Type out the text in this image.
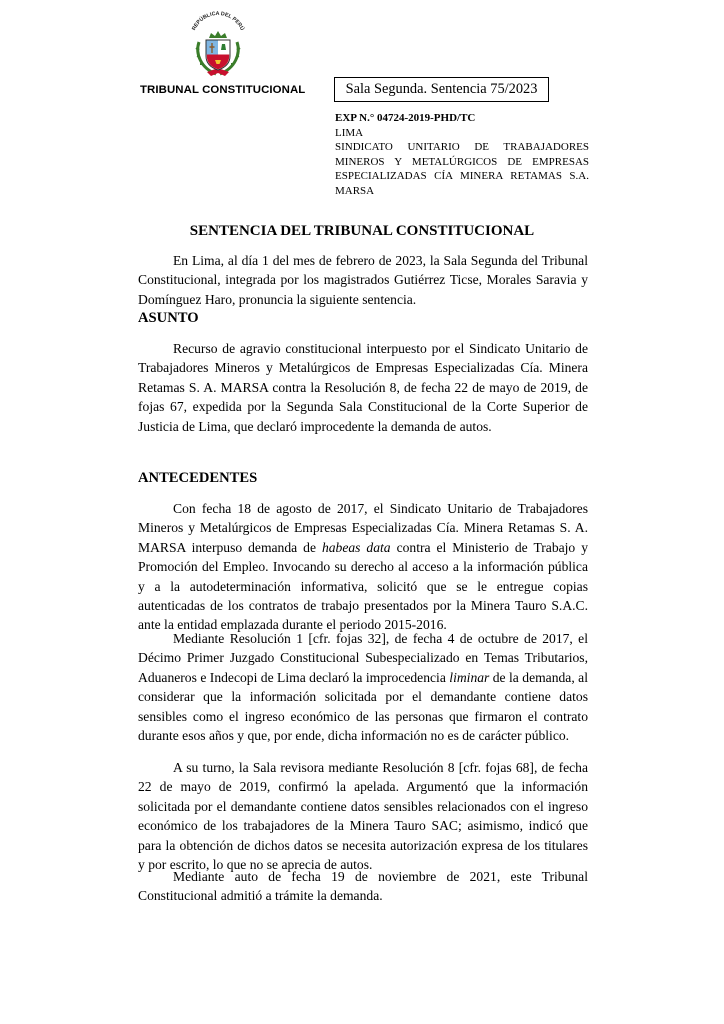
REPÚBLICA DEL PERÚ
TRIBUNAL CONSTITUCIONAL	Sala Segunda. Sentencia 75/2023

EXP N.° 04724-2019-PHD/TC

LIMA

SINDICATO UNITARIO DE TRABAJADORES MINEROS Y METALÚRGICOS DE EMPRESAS ESPECIALIZADAS CÍA MINERA RETAMAS S.A. MARSA

SENTENCIA DEL TRIBUNAL CONSTITUCIONAL

En Lima, al día 1 del mes de febrero de 2023, la Sala Segunda del Tribunal Constitucional, integrada por los magistrados Gutiérrez Ticse, Morales Saravia y Domínguez Haro, pronuncia la siguiente sentencia.

ASUNTO

Recurso de agravio constitucional interpuesto por el Sindicato Unitario de Trabajadores Mineros y Metalúrgicos de Empresas Especializadas Cía. Minera Retamas S. A. MARSA contra la Resolución 8, de fecha 22 de mayo de 2019, de fojas 67, expedida por la Segunda Sala Constitucional de la Corte Superior de Justicia de Lima, que declaró improcedente la demanda de autos.

ANTECEDENTES

Con fecha 18 de agosto de 2017, el Sindicato Unitario de Trabajadores Mineros y Metalúrgicos de Empresas Especializadas Cía. Minera Retamas S. A. MARSA interpuso demanda de habeas data contra el Ministerio de Trabajo y Promoción del Empleo. Invocando su derecho al acceso a la información pública y a la autodeterminación informativa, solicitó que se le entregue copias autenticadas de los contratos de trabajo presentados por la Minera Tauro S.A.C. ante la entidad emplazada durante el periodo 2015-2016.

Mediante Resolución 1 [cfr. fojas 32], de fecha 4 de octubre de 2017, el Décimo Primer Juzgado Constitucional Subespecializado en Temas Tributarios, Aduaneros e Indecopi de Lima declaró la improcedencia liminar de la demanda, al considerar que la información solicitada por el demandante contiene datos sensibles como el ingreso económico de las personas que firmaron el contrato durante esos años y que, por ende, dicha información no es de carácter público.

A su turno, la Sala revisora mediante Resolución 8 [cfr. fojas 68], de fecha 22 de mayo de 2019, confirmó la apelada. Argumentó que la información solicitada por el demandante contiene datos sensibles relacionados con el ingreso económico de los trabajadores de la Minera Tauro SAC; asimismo, indicó que para la obtención de dichos datos se necesita autorización expresa de los titulares y por escrito, lo que no se aprecia de autos.

Mediante auto de fecha 19 de noviembre de 2021, este Tribunal Constitucional admitió a trámite la demanda.
